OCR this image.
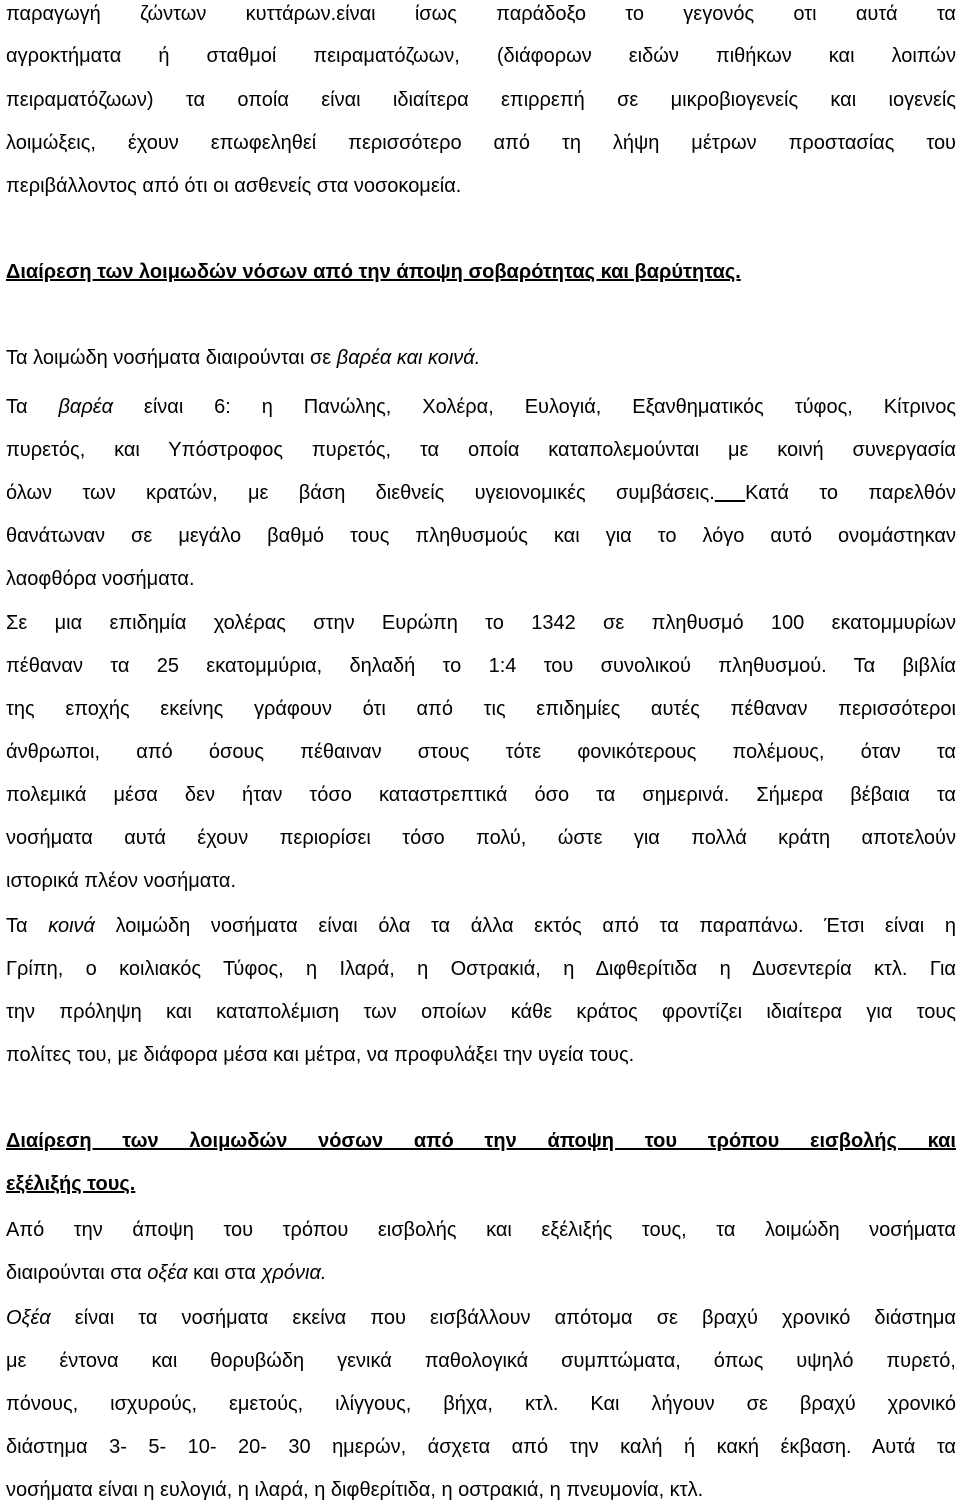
παραγωγή ζώντων κυττάρων.είναι ίσως παράδοξο το γεγονός οτι αυτά τα
αγροκτήματα ή σταθμοί πειραματόζωων, (διάφορων ειδών πιθήκων και λοιπών
πειραματόζωων) τα οποία είναι ιδιαίτερα επιρρεπή σε μικροβιογενείς και ιογενείς
λοιμώξεις, έχουν επωφεληθεί περισσότερο από τη λήψη μέτρων προστασίας του
περιβάλλοντος από ότι οι ασθενείς στα νοσοκομεία.
Διαίρεση των λοιμωδών νόσων από την άποψη σοβαρότητας και βαρύτητας.
Τα λοιμώδη νοσήματα διαιρούνται σε βαρέα και κοινά.
Τα βαρέα είναι 6: η Πανώλης, Χολέρα, Ευλογιά, Εξανθηματικός τύφος, Κίτρινος
πυρετός, και Υπόστροφος πυρετός, τα οποία καταπολεμούνται με κοινή συνεργασία
όλων των κρατών, με βάση διεθνείς υγειονομικές συμβάσεις. Κατά το παρελθόν
θανάτωναν σε μεγάλο βαθμό τους πληθυσμούς και για το λόγο αυτό ονομάστηκαν
λαοφθόρα νοσήματα.
Σε μια επιδημία χολέρας στην Ευρώπη το 1342 σε πληθυσμό 100 εκατομμυρίων
πέθαναν τα 25 εκατομμύρια, δηλαδή το 1:4 του συνολικού πληθυσμού. Τα βιβλία
της εποχής εκείνης γράφουν ότι από τις επιδημίες αυτές πέθαναν περισσότεροι
άνθρωποι, από όσους πέθαιναν στους τότε φονικότερους πολέμους, όταν τα
πολεμικά μέσα δεν ήταν τόσο καταστρεπτικά όσο τα σημερινά. Σήμερα βέβαια τα
νοσήματα αυτά έχουν περιορίσει τόσο πολύ, ώστε για πολλά κράτη αποτελούν
ιστορικά πλέον νοσήματα.
Τα κοινά λοιμώδη νοσήματα είναι όλα τα άλλα εκτός από τα παραπάνω. Έτσι είναι η
Γρίπη, ο κοιλιακός Τύφος, η Ιλαρά, η Οστρακιά, η Διφθερίτιδα η Δυσεντερία κτλ. Για
την πρόληψη και καταπολέμιση των οποίων κάθε κράτος φροντίζει ιδιαίτερα για τους
πολίτες του, με διάφορα μέσα και μέτρα, να προφυλάξει την υγεία τους.
Διαίρεση των λοιμωδών νόσων από την άποψη του τρόπου εισβολής και
εξέλιξής τους.
Από την άποψη του τρόπου εισβολής και εξέλιξής τους, τα λοιμώδη νοσήματα
διαιρούνται στα οξέα και στα χρόνια.
Οξέα είναι τα νοσήματα εκείνα που εισβάλλουν απότομα σε βραχύ χρονικό διάστημα
με έντονα και θορυβώδη γενικά παθολογικά συμπτώματα, όπως υψηλό πυρετό,
πόνους, ισχυρούς, εμετούς, ιλίγγους, βήχα, κτλ. Και λήγουν σε βραχύ χρονικό
διάστημα 3- 5- 10- 20- 30 ημερών, άσχετα από την καλή ή κακή έκβαση. Αυτά τα
νοσήματα είναι η ευλογιά, η ιλαρά, η διφθερίτιδα, η οστρακιά, η πνευμονία, κτλ.
